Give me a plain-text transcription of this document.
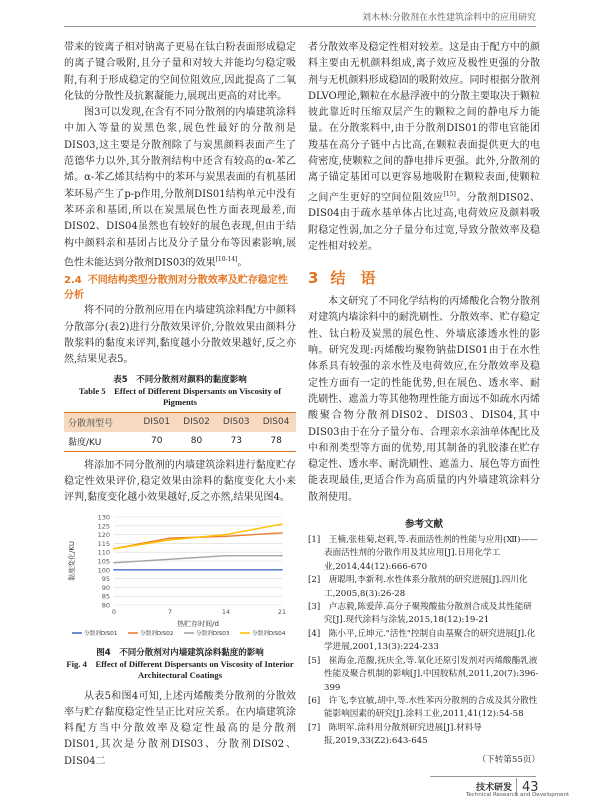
刘木林:分散剂在水性建筑涂料中的应用研究

带来的铵离子相对钠离子更易在钛白粉表面形成稳定的离子键合吸附,且分子量和对较大并能均匀稳定吸附,有利于形成稳定的空间位阻效应,因此提高了二氧化钛的分散性及抗絮凝能力,展现出更高的对比率。

图3可以发现,在含有不同分散剂的内墙建筑涂料中加入等量的炭黑色浆,展色性最好的分散剂是DIS03,这主要是分散剂除了与炭黑颜料表面产生了范德华力以外,其分散剂结构中还含有较高的α-苯乙烯。α-苯乙烯其结构中的苯环与炭黑表面的有机基团苯环易产生了p-p作用,分散剂DIS01结构单元中没有苯环亲和基团,所以在炭黑展色性方面表现最差,而DIS02、DIS04虽然也有较好的展色表现,但由于结构中颜料亲和基团占比及分子量分布等因素影响,展色性未能达到分散剂DIS03的效果[10-14]。

2.4 不同结构类型分散剂对分散效率及贮存稳定性分析

将不同的分散剂应用在内墙建筑涂料配方中颜料分散部分(表2)进行分散效果评价,分散效果由颜料分散浆料的黏度来评判,黏度越小分散效果越好,反之亦然,结果见表5。

表5　不同分散剂对颜料的黏度影响
Table 5　Effect of Different Dispersants on Viscosity of Pigments
分散剂型号	DIS01	DIS02	DIS03	DIS04
黏度/KU	70	80	73	78

将添加不同分散剂的内墙建筑涂料进行黏度贮存稳定性效果评价,稳定效果由涂料的黏度变化大小来评判,黏度变化越小效果越好,反之亦然,结果见图4。

80
85
90
95
100
105
110
115
120
125
130
0	7	14	21
热贮存时间/d
黏度变化/KU
分散剂DIS01	分散剂DIS02	分散剂DIS03	分散剂DIS04
图4　不同分散剂对内墙建筑涂料黏度的影响
Fig. 4　Effect of Different Dispersants on Viscosity of Interior Architectural Coatings

从表5和图4可知,上述丙烯酸类分散剂的分散效率与贮存黏度稳定性呈正比对应关系。在内墙建筑涂料配方当中分散效率及稳定性最高的是分散剂DIS01,其次是分散剂DIS03、分散剂DIS02、DIS04二

者分散效率及稳定性相对较差。这是由于配方中的颜料主要由无机颜料组成,离子效应及极性更强的分散剂与无机颜料形成稳固的吸附效应。同时根据分散剂DLVO理论,颗粒在水悬浮液中的分散主要取决于颗粒彼此靠近时压缩双层产生的颗粒之间的静电斥力能量。在分散浆料中,由于分散剂DIS01的带电官能团羧基在高分子链中占比高,在颗粒表面提供更大的电荷密度,使颗粒之间的静电排斥更强。此外,分散剂的离子锚定基团可以更容易地吸附在颗粒表面,使颗粒之间产生更好的空间位阻效应[15]。分散剂DIS02、DIS04由于疏水基单体占比过高,电荷效应及颜料吸附稳定性弱,加之分子量分布过宽,导致分散效率及稳定性相对较差。

3 结　语

本文研究了不同化学结构的丙烯酸化合物分散剂对建筑内墙涂料中的耐洗刷性、分散效率、贮存稳定性、钛白粉及炭黑的展色性、外墙底漆透水性的影响。研究发现:丙烯酸均聚物钠盐DIS01由于在水性体系具有较强的亲水性及电荷效应,在分散效率及稳定性方面有一定的性能优势,但在展色、透水率、耐洗刷性、遮盖力等其他物理性能方面远不如疏水丙烯酸聚合物分散剂DIS02、DIS03、DIS04,其中DIS03由于在分子量分布、合理亲水亲油单体配比及中和剂类型等方面的优势,用其制备的乳胶漆在贮存稳定性、透水率、耐洗刷性、遮盖力、展色等方面性能表现最佳,更适合作为高质量的内外墙建筑涂料分散剂使用。

参考文献
[1]　王楠,张桂菊,赵莉,等.表面活性剂的性能与应用(Ⅻ)——表面活性剂的分散作用及其应用[J].日用化学工业,2014,44(12):666-670
[2]　唐聪明,李新利.水性体系分散剂的研究进展[J].四川化工,2005,8(3):26-28
[3]　卢志毅,陈爱萍.高分子聚羧酸盐分散剂合成及其性能研究[J].现代涂料与涂装,2015,18(12):19-21
[4]　陈小平,丘坤元."活性"控制自由基聚合的研究进展[J].化学进展,2001,13(3):224-233
[5]　崔海金,范馥,抚庆全,等.氧化还原引发剂对丙烯酸酯乳液性能及聚合机制的影响[J].中国胶粘剂,2011,20(7):396-399
[6]　许飞,李宜敏,胡中,等.水性苯丙分散剂的合成及其分散性能影响因素的研究[J].涂料工业,2011,41(12):54-58
[7]　陈明军.涂料用分散剂研究进展[J].材料导报,2019,33(Z2):643-645
（下转第55页）
技术研发
Technical Research and Development
43
